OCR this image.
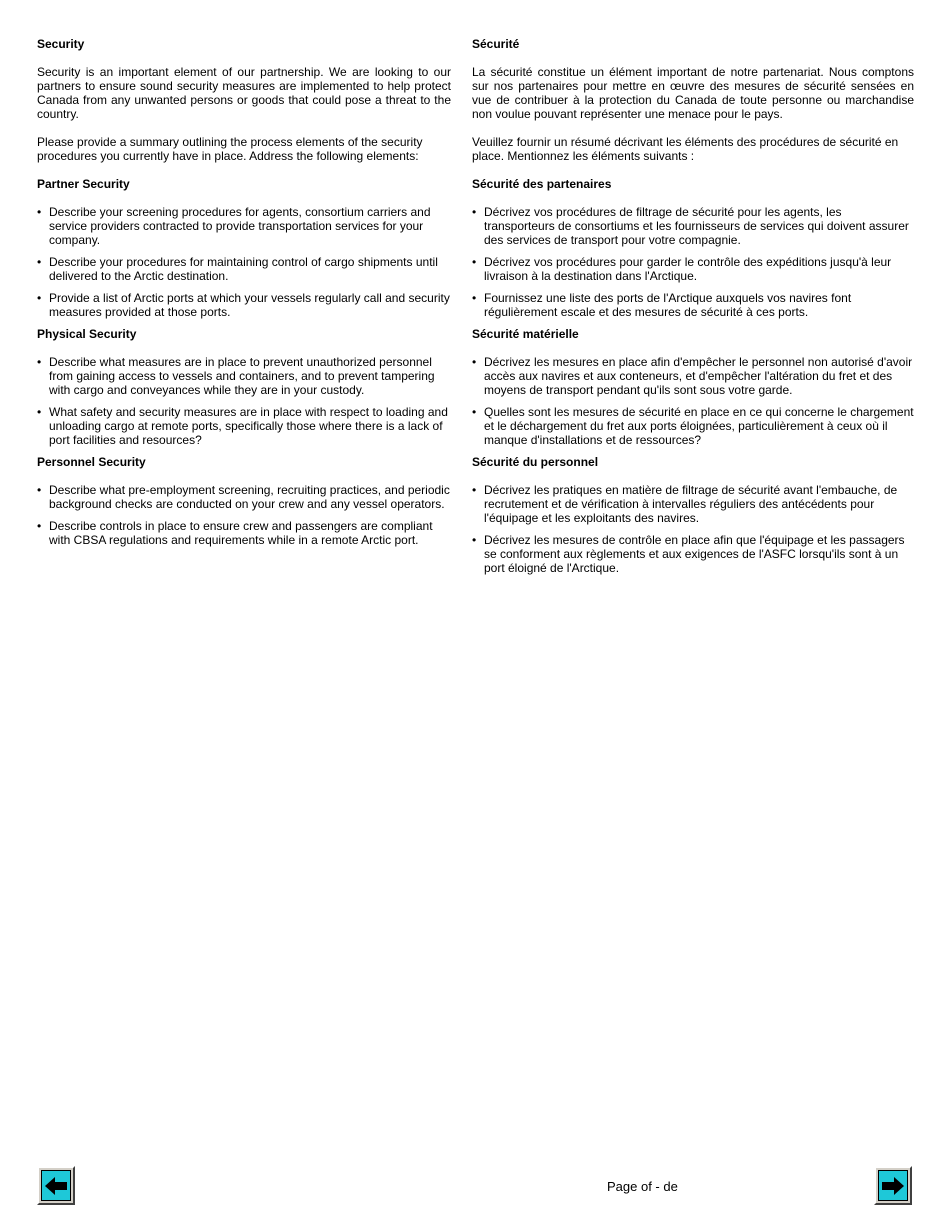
Security
Security is an important element of our partnership. We are looking to our partners to ensure sound security measures are implemented to help protect Canada from any unwanted persons or goods that could pose a threat to the country.
Please provide a summary outlining the process elements of the security procedures you currently have in place. Address the following elements:
Partner Security
• Describe your screening procedures for agents, consortium carriers and service providers contracted to provide transportation services for your company.
• Describe your procedures for maintaining control of cargo shipments until delivered to the Arctic destination.
• Provide a list of Arctic ports at which your vessels regularly call and security measures provided at those ports.
Physical Security
• Describe what measures are in place to prevent unauthorized personnel from gaining access to vessels and containers, and to prevent tampering with cargo and conveyances while they are in your custody.
• What safety and security measures are in place with respect to loading and unloading cargo at remote ports, specifically those where there is a lack of port facilities and resources?
Personnel Security
• Describe what pre-employment screening, recruiting practices, and periodic background checks are conducted on your crew and any vessel operators.
• Describe controls in place to ensure crew and passengers are compliant with CBSA regulations and requirements while in a remote Arctic port.
Sécurité
La sécurité constitue un élément important de notre partenariat. Nous comptons sur nos partenaires pour mettre en œuvre des mesures de sécurité sensées en vue de contribuer à la protection du Canada de toute personne ou marchandise non voulue pouvant représenter une menace pour le pays.
Veuillez fournir un résumé décrivant les éléments des procédures de sécurité en place. Mentionnez les éléments suivants :
Sécurité des partenaires
• Décrivez vos procédures de filtrage de sécurité pour les agents, les transporteurs de consortiums et les fournisseurs de services qui doivent assurer des services de transport pour votre compagnie.
• Décrivez vos procédures pour garder le contrôle des expéditions jusqu'à leur livraison à la destination dans l'Arctique.
• Fournissez une liste des ports de l'Arctique auxquels vos navires font régulièrement escale et des mesures de sécurité à ces ports.
Sécurité matérielle
• Décrivez les mesures en place afin d'empêcher le personnel non autorisé d'avoir accès aux navires et aux conteneurs, et d'empêcher l'altération du fret et des moyens de transport pendant qu'ils sont sous votre garde.
• Quelles sont les mesures de sécurité en place en ce qui concerne le chargement et le déchargement du fret aux ports éloignées, particulièrement à ceux où il manque d'installations et de ressources?
Sécurité du personnel
• Décrivez les pratiques en matière de filtrage de sécurité avant l'embauche, de recrutement et de vérification à intervalles réguliers des antécédents pour l'équipage et les exploitants des navires.
• Décrivez les mesures de contrôle en place afin que l'équipage et les passagers se conforment aux règlements et aux exigences de l'ASFC lorsqu'ils sont à un port éloigné de l'Arctique.
Page of - de
